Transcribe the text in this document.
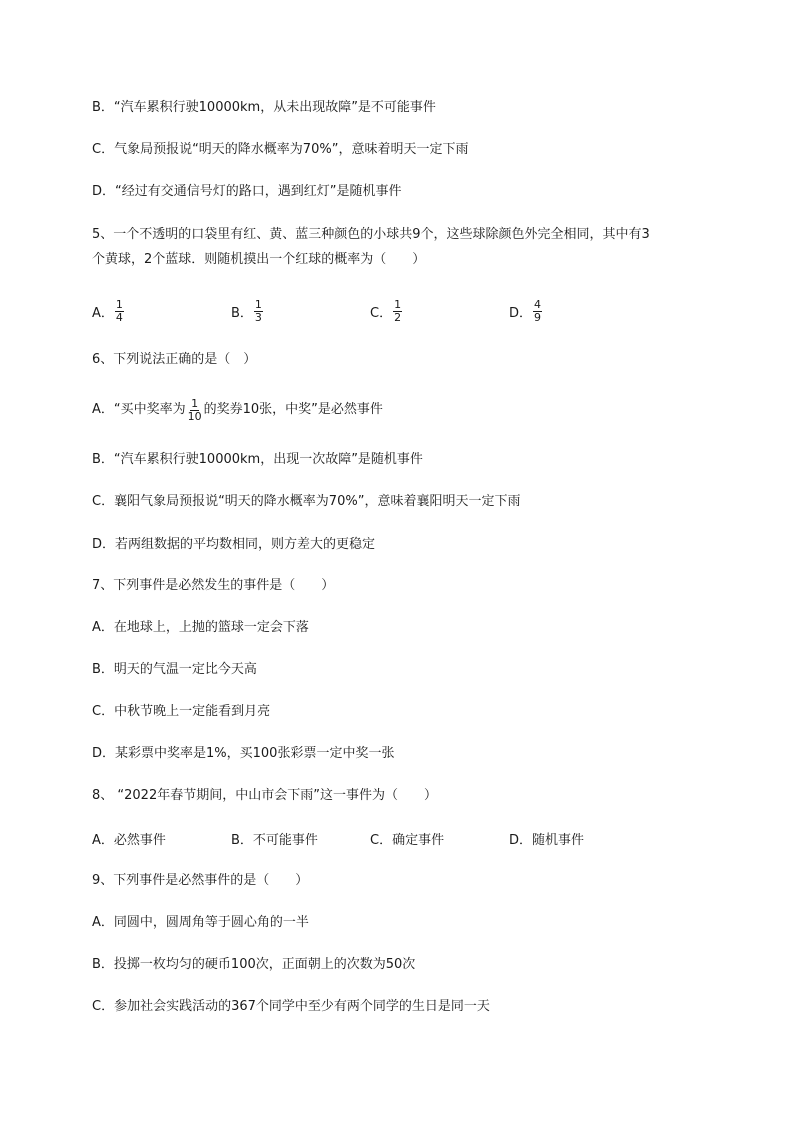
B．“汽车累积行驶10000km，从未出现故障”是不可能事件
C．气象局预报说“明天的降水概率为70%”，意味着明天一定下雨
D．“经过有交通信号灯的路口，遇到红灯”是随机事件
5、一个不透明的口袋里有红、黄、蓝三种颜色的小球共9个，这些球除颜色外完全相同，其中有3
个黄球，2个蓝球．则随机摸出一个红球的概率为（　　）
A． $\frac{1}{4}$	B． $\frac{1}{3}$	C． $\frac{1}{2}$	D． $\frac{4}{9}$
6、下列说法正确的是（　）
A．“买中奖率为 $\frac{1}{10}$ 的奖券10张，中奖”是必然事件
B．“汽车累积行驶10000km，出现一次故障”是随机事件
C．襄阳气象局预报说“明天的降水概率为70%”，意味着襄阳明天一定下雨
D．若两组数据的平均数相同，则方差大的更稳定
7、下列事件是必然发生的事件是（　　）
A．在地球上，上抛的篮球一定会下落
B．明天的气温一定比今天高
C．中秋节晚上一定能看到月亮
D．某彩票中奖率是1%，买100张彩票一定中奖一张
8、 “2022年春节期间，中山市会下雨”这一事件为（　　）
A．必然事件	B．不可能事件	C．确定事件	D．随机事件
9、下列事件是必然事件的是（　　）
A．同圆中，圆周角等于圆心角的一半
B．投掷一枚均匀的硬币100次，正面朝上的次数为50次
C．参加社会实践活动的367个同学中至少有两个同学的生日是同一天
